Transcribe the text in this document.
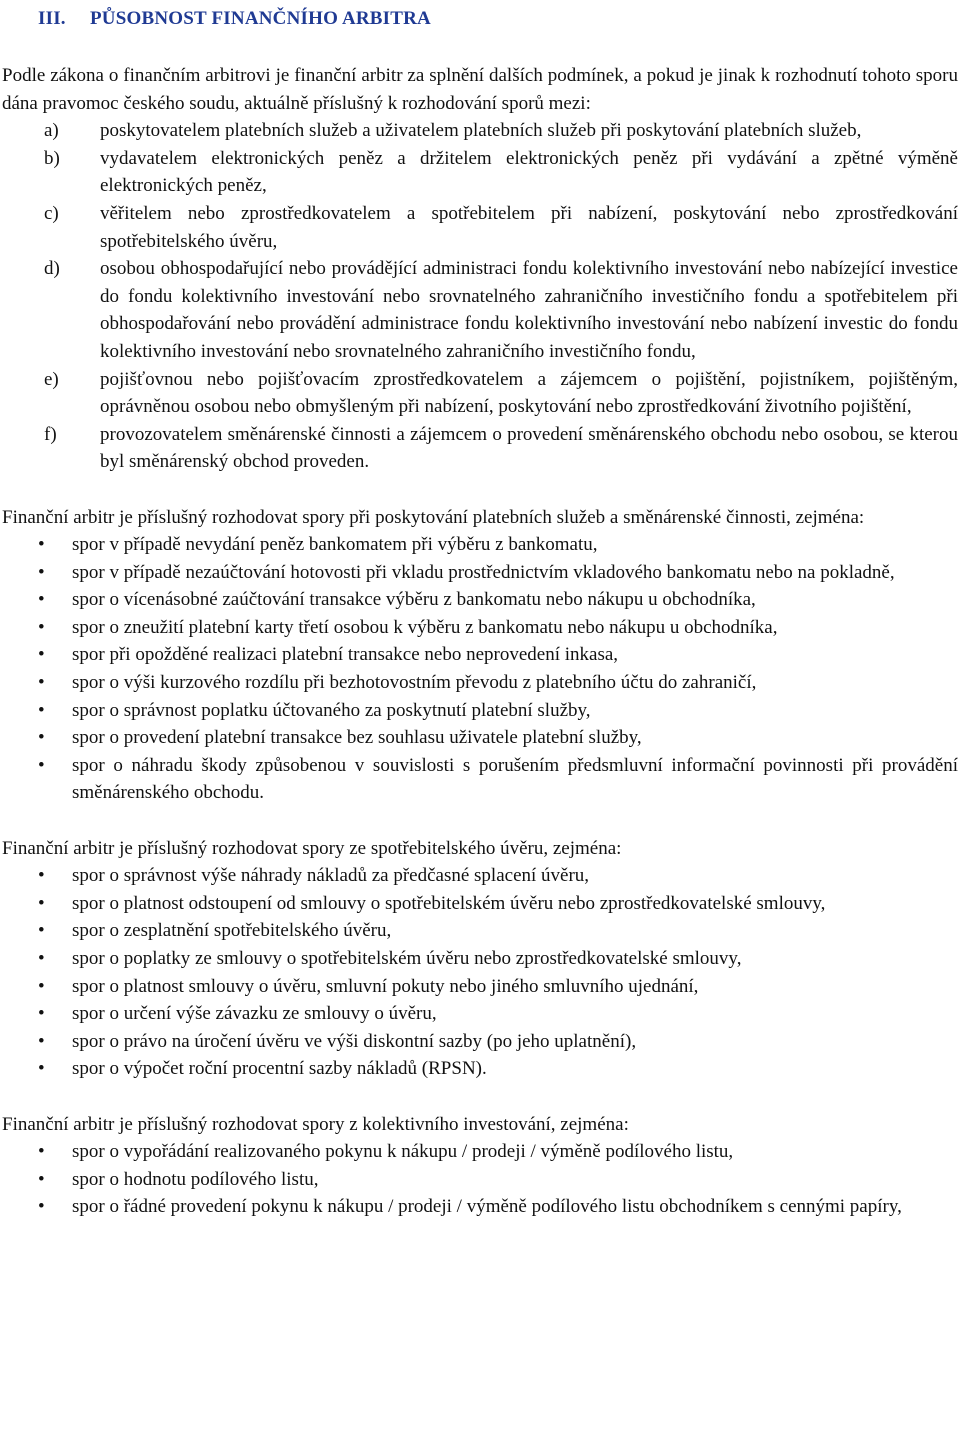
III. PŮSOBNOST FINANČNÍHO ARBITRA

Podle zákona o finančním arbitrovi je finanční arbitr za splnění dalších podmínek, a pokud je jinak k rozhodnutí tohoto sporu dána pravomoc českého soudu, aktuálně příslušný k rozhodování sporů mezi:

a) poskytovatelem platebních služeb a uživatelem platebních služeb při poskytování platebních služeb,
b) vydavatelem elektronických peněz a držitelem elektronických peněz při vydávání a zpětné výměně elektronických peněz,
c) věřitelem nebo zprostředkovatelem a spotřebitelem při nabízení, poskytování nebo zprostředkování spotřebitelského úvěru,
d) osobou obhospodařující nebo provádějící administraci fondu kolektivního investování nebo nabízející investice do fondu kolektivního investování nebo srovnatelného zahraničního investičního fondu a spotřebitelem při obhospodařování nebo provádění administrace fondu kolektivního investování nebo nabízení investic do fondu kolektivního investování nebo srovnatelného zahraničního investičního fondu,
e) pojišťovnou nebo pojišťovacím zprostředkovatelem a zájemcem o pojištění, pojistníkem, pojištěným, oprávněnou osobou nebo obmyšleným při nabízení, poskytování nebo zprostředkování životního pojištění,
f) provozovatelem směnárenské činnosti a zájemcem o provedení směnárenského obchodu nebo osobou, se kterou byl směnárenský obchod proveden.

Finanční arbitr je příslušný rozhodovat spory při poskytování platebních služeb a směnárenské činnosti, zejména:

• spor v případě nevydání peněz bankomatem při výběru z bankomatu,
• spor v případě nezaúčtování hotovosti při vkladu prostřednictvím vkladového bankomatu nebo na pokladně,
• spor o vícenásobné zaúčtování transakce výběru z bankomatu nebo nákupu u obchodníka,
• spor o zneužití platební karty třetí osobou k výběru z bankomatu nebo nákupu u obchodníka,
• spor při opožděné realizaci platební transakce nebo neprovedení inkasa,
• spor o výši kurzového rozdílu při bezhotovostním převodu z platebního účtu do zahraničí,
• spor o správnost poplatku účtovaného za poskytnutí platební služby,
• spor o provedení platební transakce bez souhlasu uživatele platební služby,
• spor o náhradu škody způsobenou v souvislosti s porušením předsmluvní informační povinnosti při provádění směnárenského obchodu.

Finanční arbitr je příslušný rozhodovat spory ze spotřebitelského úvěru, zejména:

• spor o správnost výše náhrady nákladů za předčasné splacení úvěru,
• spor o platnost odstoupení od smlouvy o spotřebitelském úvěru nebo zprostředkovatelské smlouvy,
• spor o zesplatnění spotřebitelského úvěru,
• spor o poplatky ze smlouvy o spotřebitelském úvěru nebo zprostředkovatelské smlouvy,
• spor o platnost smlouvy o úvěru, smluvní pokuty nebo jiného smluvního ujednání,
• spor o určení výše závazku ze smlouvy o úvěru,
• spor o právo na úročení úvěru ve výši diskontní sazby (po jeho uplatnění),
• spor o výpočet roční procentní sazby nákladů (RPSN).

Finanční arbitr je příslušný rozhodovat spory z kolektivního investování, zejména:

• spor o vypořádání realizovaného pokynu k nákupu / prodeji / výměně podílového listu,
• spor o hodnotu podílového listu,
• spor o řádné provedení pokynu k nákupu / prodeji / výměně podílového listu obchodníkem s cennými papíry,
